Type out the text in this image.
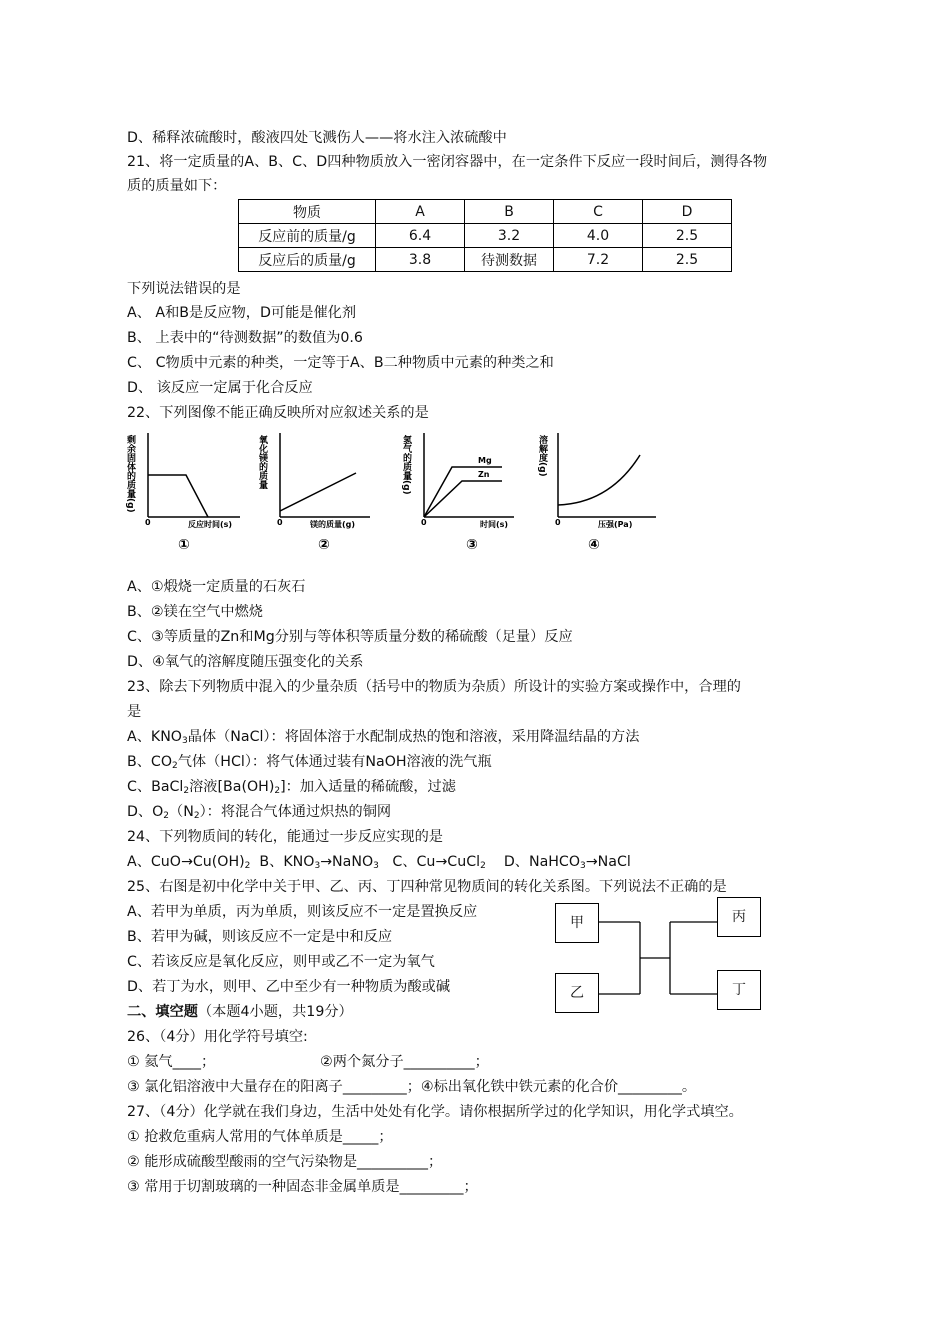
D、稀释浓硫酸时，酸液四处飞溅伤人——将水注入浓硫酸中
21、将一定质量的A、B、C、D四种物质放入一密闭容器中，在一定条件下反应一段时间后，测得各物
质的质量如下：
物质	A	B	C	D
反应前的质量/g	6.4	3.2	4.0	2.5
反应后的质量/g	3.8	待测数据	7.2	2.5
下列说法错误的是
A、 A和B是反应物，D可能是催化剂
B、 上表中的“待测数据”的数值为0.6
C、 C物质中元素的种类，一定等于A、B二种物质中元素的种类之和
D、 该反应一定属于化合反应
22、下列图像不能正确反映所对应叙述关系的是
剩余固体的质量(g)
0	反应时间(s)
①
氧化镁的质量
0	镁的质量(g)
②
Mg
Zn
氢气的质量(g)
0	时间(s)
③
溶解度(g)
0	压强(Pa)
④
A、①煅烧一定质量的石灰石
B、②镁在空气中燃烧
C、③等质量的Zn和Mg分别与等体积等质量分数的稀硫酸（足量）反应
D、④氧气的溶解度随压强变化的关系
23、除去下列物质中混入的少量杂质（括号中的物质为杂质）所设计的实验方案或操作中，合理的
是
A、$KNO_3$晶体（NaCl）：将固体溶于水配制成热的饱和溶液，采用降温结晶的方法
B、$CO_2$气体（HCl）：将气体通过装有NaOH溶液的洗气瓶
C、BaCl$_2$溶液$[Ba(OH)_2]$：加入适量的稀硫酸，过滤
D、$O_2(N_2)$：将混合气体通过炽热的铜网
24、下列物质间的转化，能通过一步反应实现的是
A、$CuO\to Cu(OH)_2$ B、$KNO_3\to NaNO_3$ C、Cu→CuCl$_2$ D、NaHCO$_3$→NaCl
25、右图是初中化学中关于甲、乙、丙、丁四种常见物质间的转化关系图。下列说法不正确的是
A、若甲为单质，丙为单质，则该反应不一定是置换反应
B、若甲为碱，则该反应不一定是中和反应
C、若该反应是氧化反应，则甲或乙不一定为氧气
D、若丁为水，则甲、乙中至少有一种物质为酸或碱
甲
乙
丙
丁
二、填空题（本题4小题，共19分）
26、（4分）用化学符号填空:
① 氦气____；	②两个氮分子__________；
③ 氯化铝溶液中大量存在的阳离子_________；④标出氧化铁中铁元素的化合价_________。
27、（4分）化学就在我们身边，生活中处处有化学。请你根据所学过的化学知识，用化学式填空。
① 抢救危重病人常用的气体单质是_____；
② 能形成硫酸型酸雨的空气污染物是__________；
③ 常用于切割玻璃的一种固态非金属单质是_________；
